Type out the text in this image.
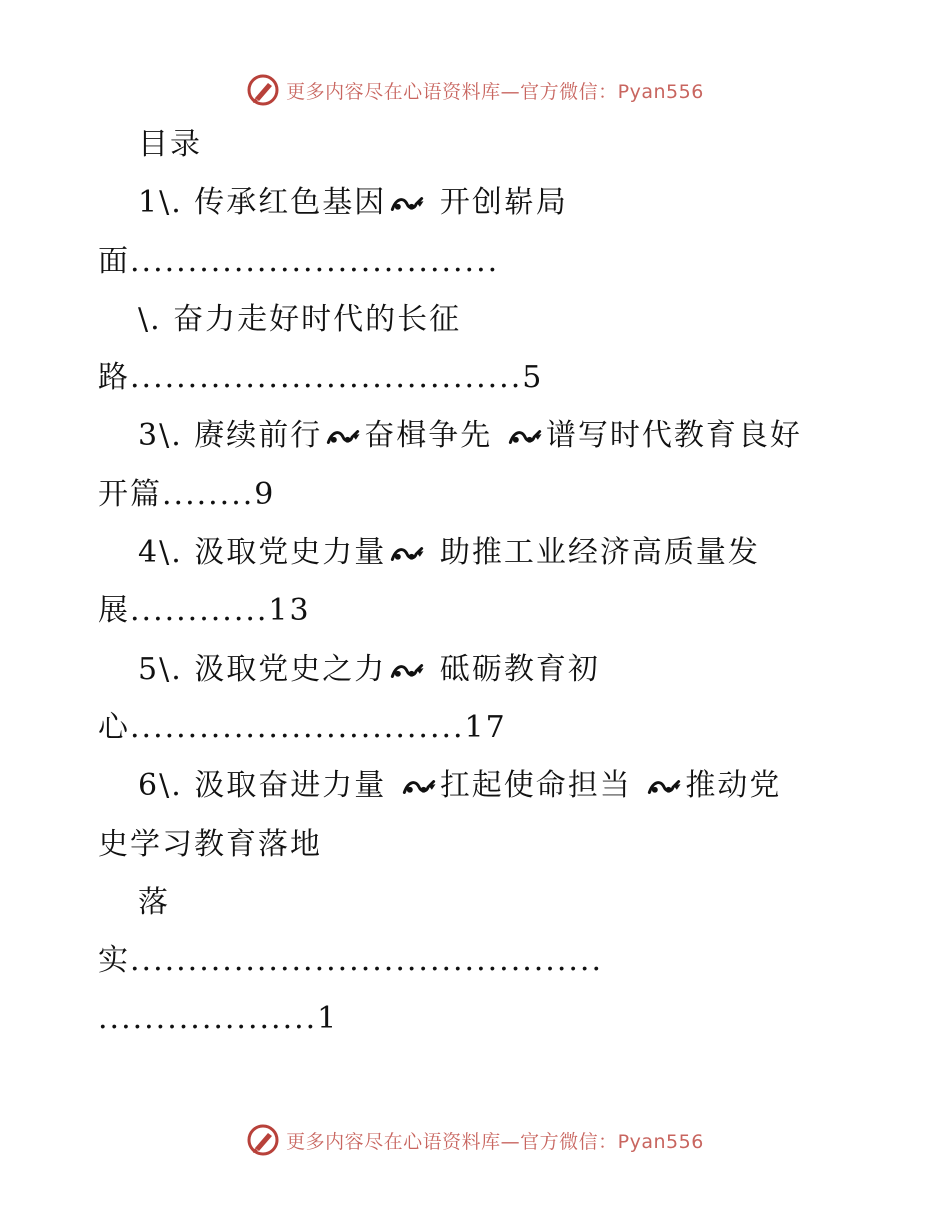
更多内容尽在心语资料库—官方微信：Pyan556
目录
1\. 传承红色基因 开创崭局
面................................
\. 奋力走好时代的长征
路..................................5
3\. 赓续前行 奋楫争先 谱写时代教育良好
开篇........9
4\. 汲取党史力量 助推工业经济高质量发
展............13
5\. 汲取党史之力 砥砺教育初
心.............................17
6\. 汲取奋进力量 扛起使命担当 推动党
史学习教育落地
落
实.........................................
...................1
更多内容尽在心语资料库—官方微信：Pyan556
